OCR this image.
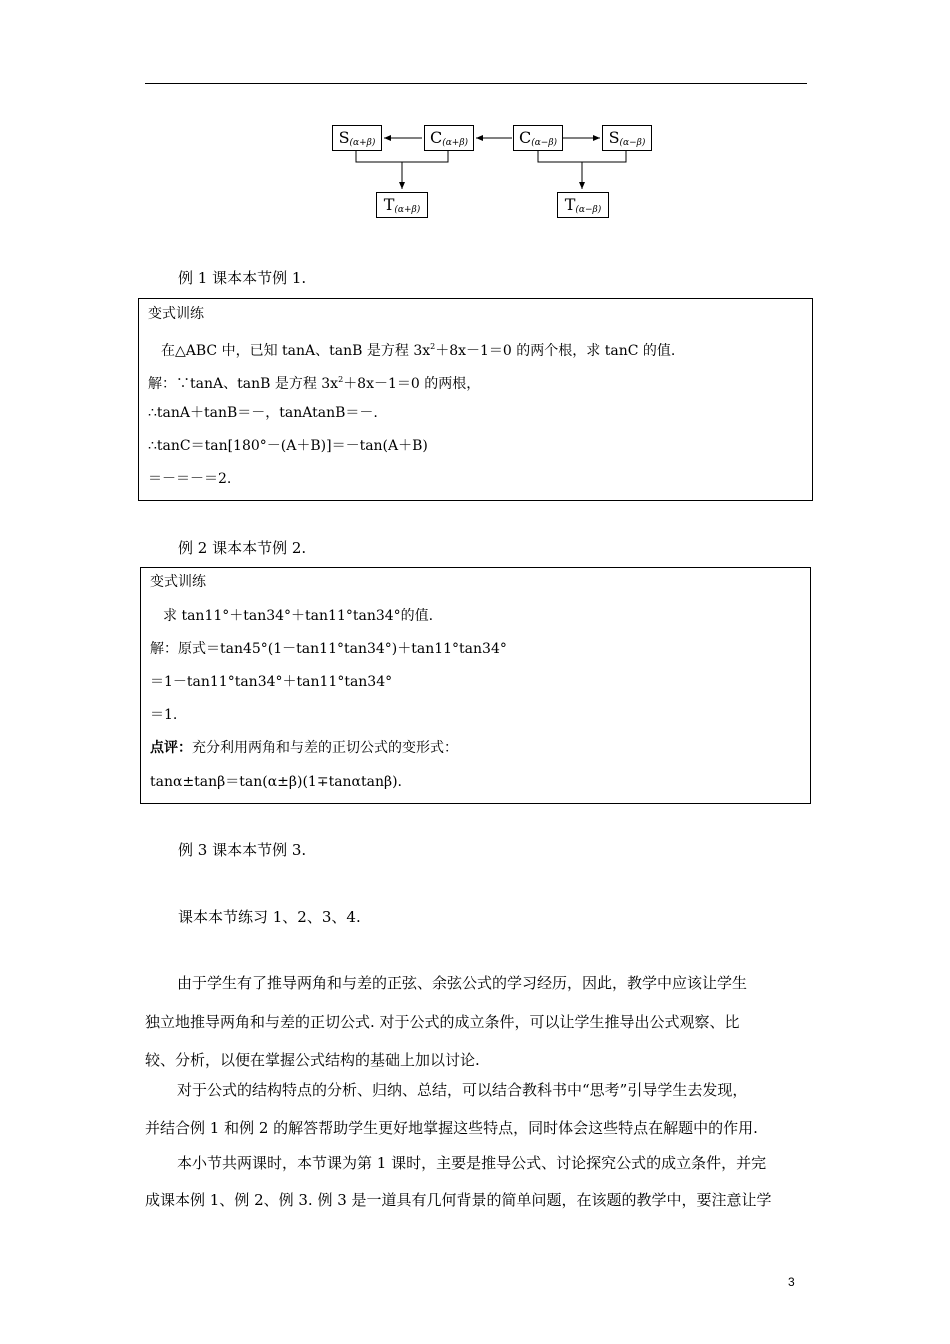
$S_{(\alpha+\beta)}$	$C_{(\alpha+\beta)}$	$C_{(\alpha-\beta)}$	$S_{(\alpha-\beta)}$
$T_{(\alpha+\beta)}$	$T_{(\alpha-\beta)}$
例 1 课本本节例 1.
变式训练
在△ABC 中，已知 tanA、tanB 是方程 $3x^2+8x-1=0$ 的两个根，求 tanC 的值.
解：∵tanA、tanB 是方程 $3x^2+8x-1=0$ 的两根，
∴tanA＋tanB＝－，tanAtanB＝－.
∴tanC＝tan[180°－(A＋B)]＝－tan(A＋B)
＝－＝－＝2.
例 2 课本本节例 2.
变式训练
求 tan11°＋tan34°＋tan11°tan34°的值.
解：原式＝tan45°(1－tan11°tan34°)＋tan11°tan34°
＝1－tan11°tan34°＋tan11°tan34°
＝1.
点评：充分利用两角和与差的正切公式的变形式：
tanα±tanβ＝tan(α±β)(1∓tanαtanβ).
例 3 课本本节例 3.
课本本节练习 1、2、3、4.
由于学生有了推导两角和与差的正弦、余弦公式的学习经历，因此，教学中应该让学生
独立地推导两角和与差的正切公式. 对于公式的成立条件，可以让学生推导出公式观察、比
较、分析，以便在掌握公式结构的基础上加以讨论.
对于公式的结构特点的分析、归纳、总结，可以结合教科书中“思考”引导学生去发现，
并结合例 1 和例 2 的解答帮助学生更好地掌握这些特点，同时体会这些特点在解题中的作用.
本小节共两课时，本节课为第 1 课时，主要是推导公式、讨论探究公式的成立条件，并完
成课本例 1、例 2、例 3. 例 3 是一道具有几何背景的简单问题，在该题的教学中，要注意让学
3
